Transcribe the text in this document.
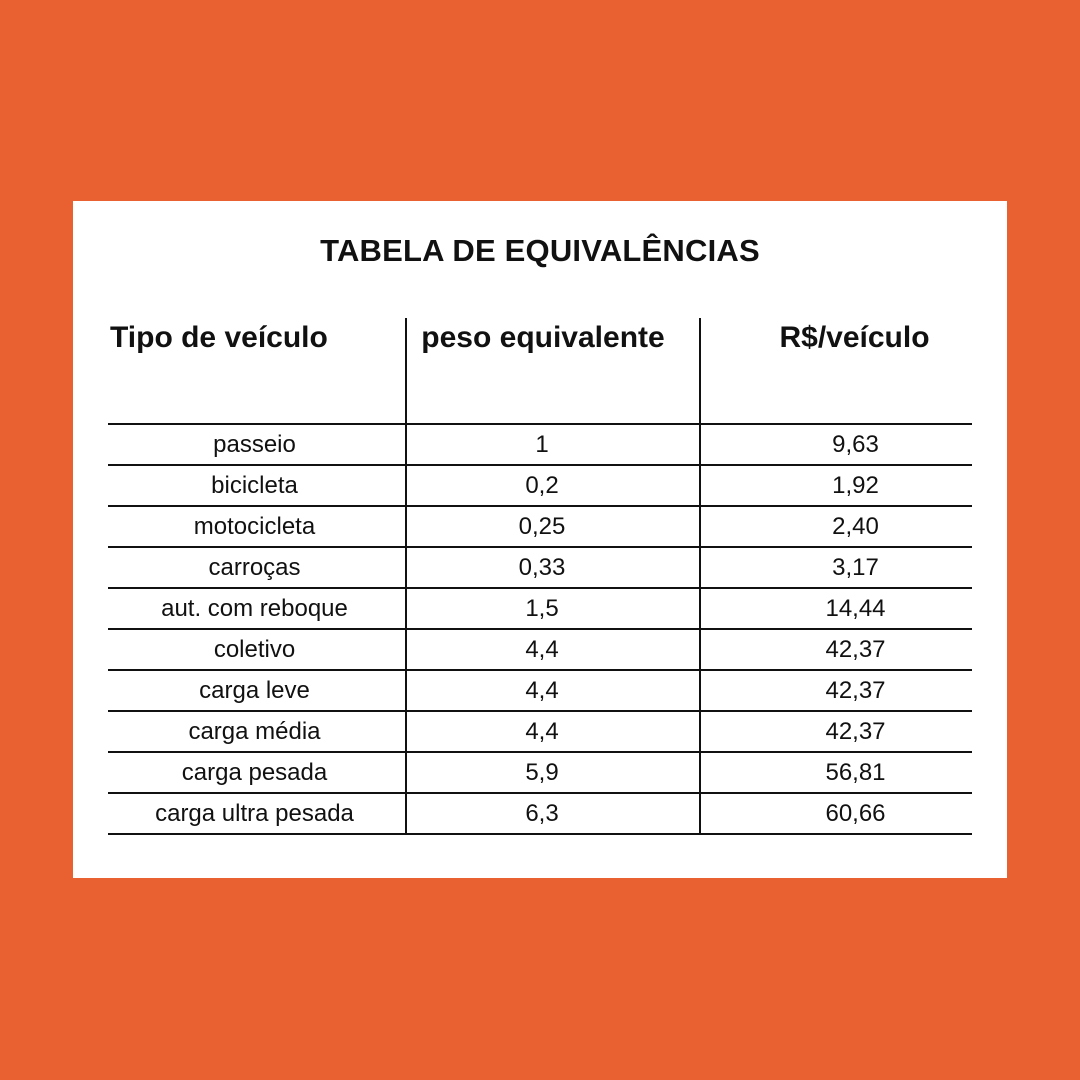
TABELA DE EQUIVALÊNCIAS
Tipo de veículo	peso equivalente	R$/veículo
passeio	1	9,63
bicicleta	0,2	1,92
motocicleta	0,25	2,40
carroças	0,33	3,17
aut. com reboque	1,5	14,44
coletivo	4,4	42,37
carga leve	4,4	42,37
carga média	4,4	42,37
carga pesada	5,9	56,81
carga ultra pesada	6,3	60,66
